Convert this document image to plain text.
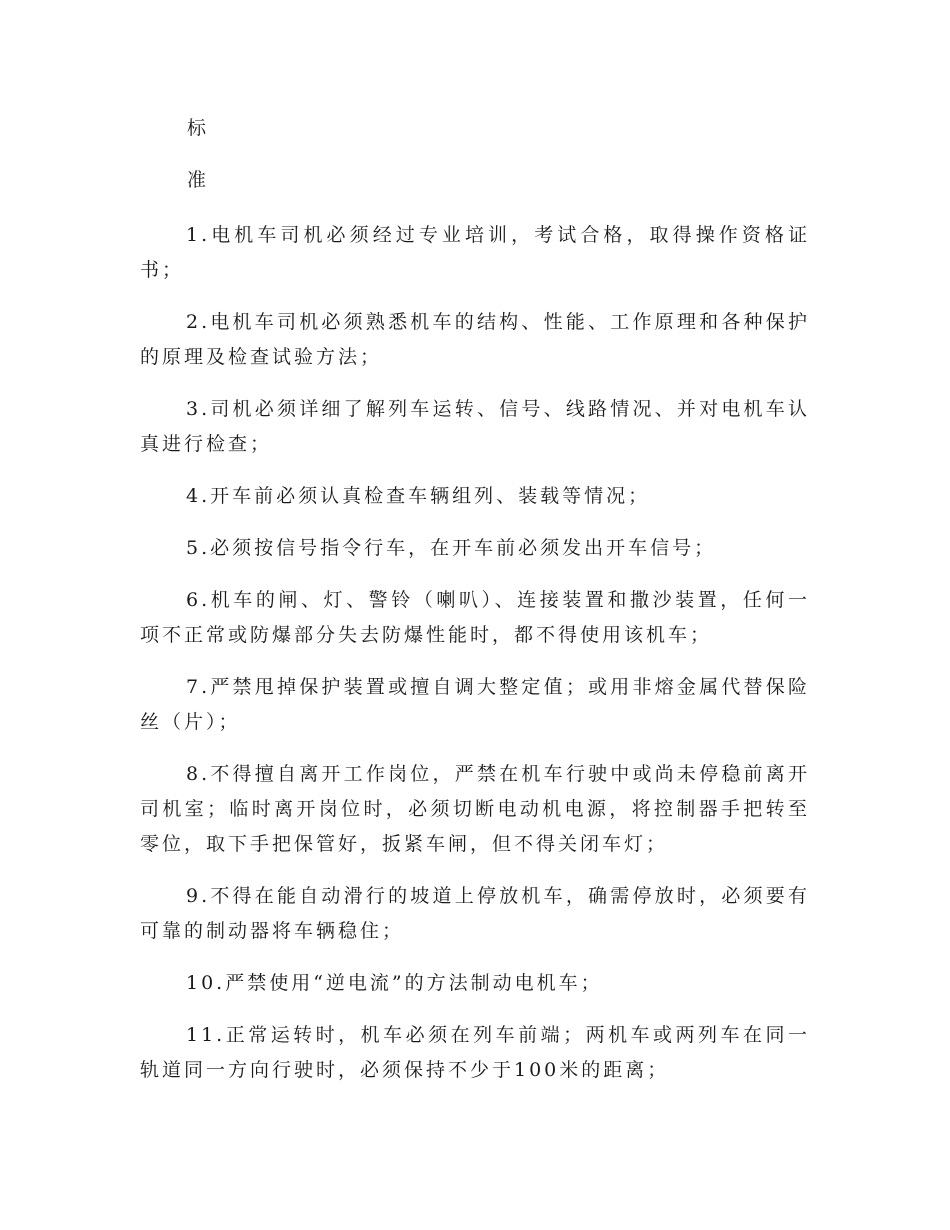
标
准
1.电机车司机必须经过专业培训，考试合格，取得操作资格证书；
2.电机车司机必须熟悉机车的结构、性能、工作原理和各种保护的原理及检查试验方法；
3.司机必须详细了解列车运转、信号、线路情况、并对电机车认真进行检查；
4.开车前必须认真检查车辆组列、装载等情况；
5.必须按信号指令行车，在开车前必须发出开车信号；
6.机车的闸、灯、警铃（喇叭）、连接装置和撒沙装置，任何一项不正常或防爆部分失去防爆性能时，都不得使用该机车；
7.严禁甩掉保护装置或擅自调大整定值；或用非熔金属代替保险丝（片）；
8.不得擅自离开工作岗位，严禁在机车行驶中或尚未停稳前离开司机室；临时离开岗位时，必须切断电动机电源，将控制器手把转至零位，取下手把保管好，扳紧车闸，但不得关闭车灯；
9.不得在能自动滑行的坡道上停放机车，确需停放时，必须要有可靠的制动器将车辆稳住；
10.严禁使用“逆电流”的方法制动电机车；
11.正常运转时，机车必须在列车前端；两机车或两列车在同一轨道同一方向行驶时，必须保持不少于100米的距离；
